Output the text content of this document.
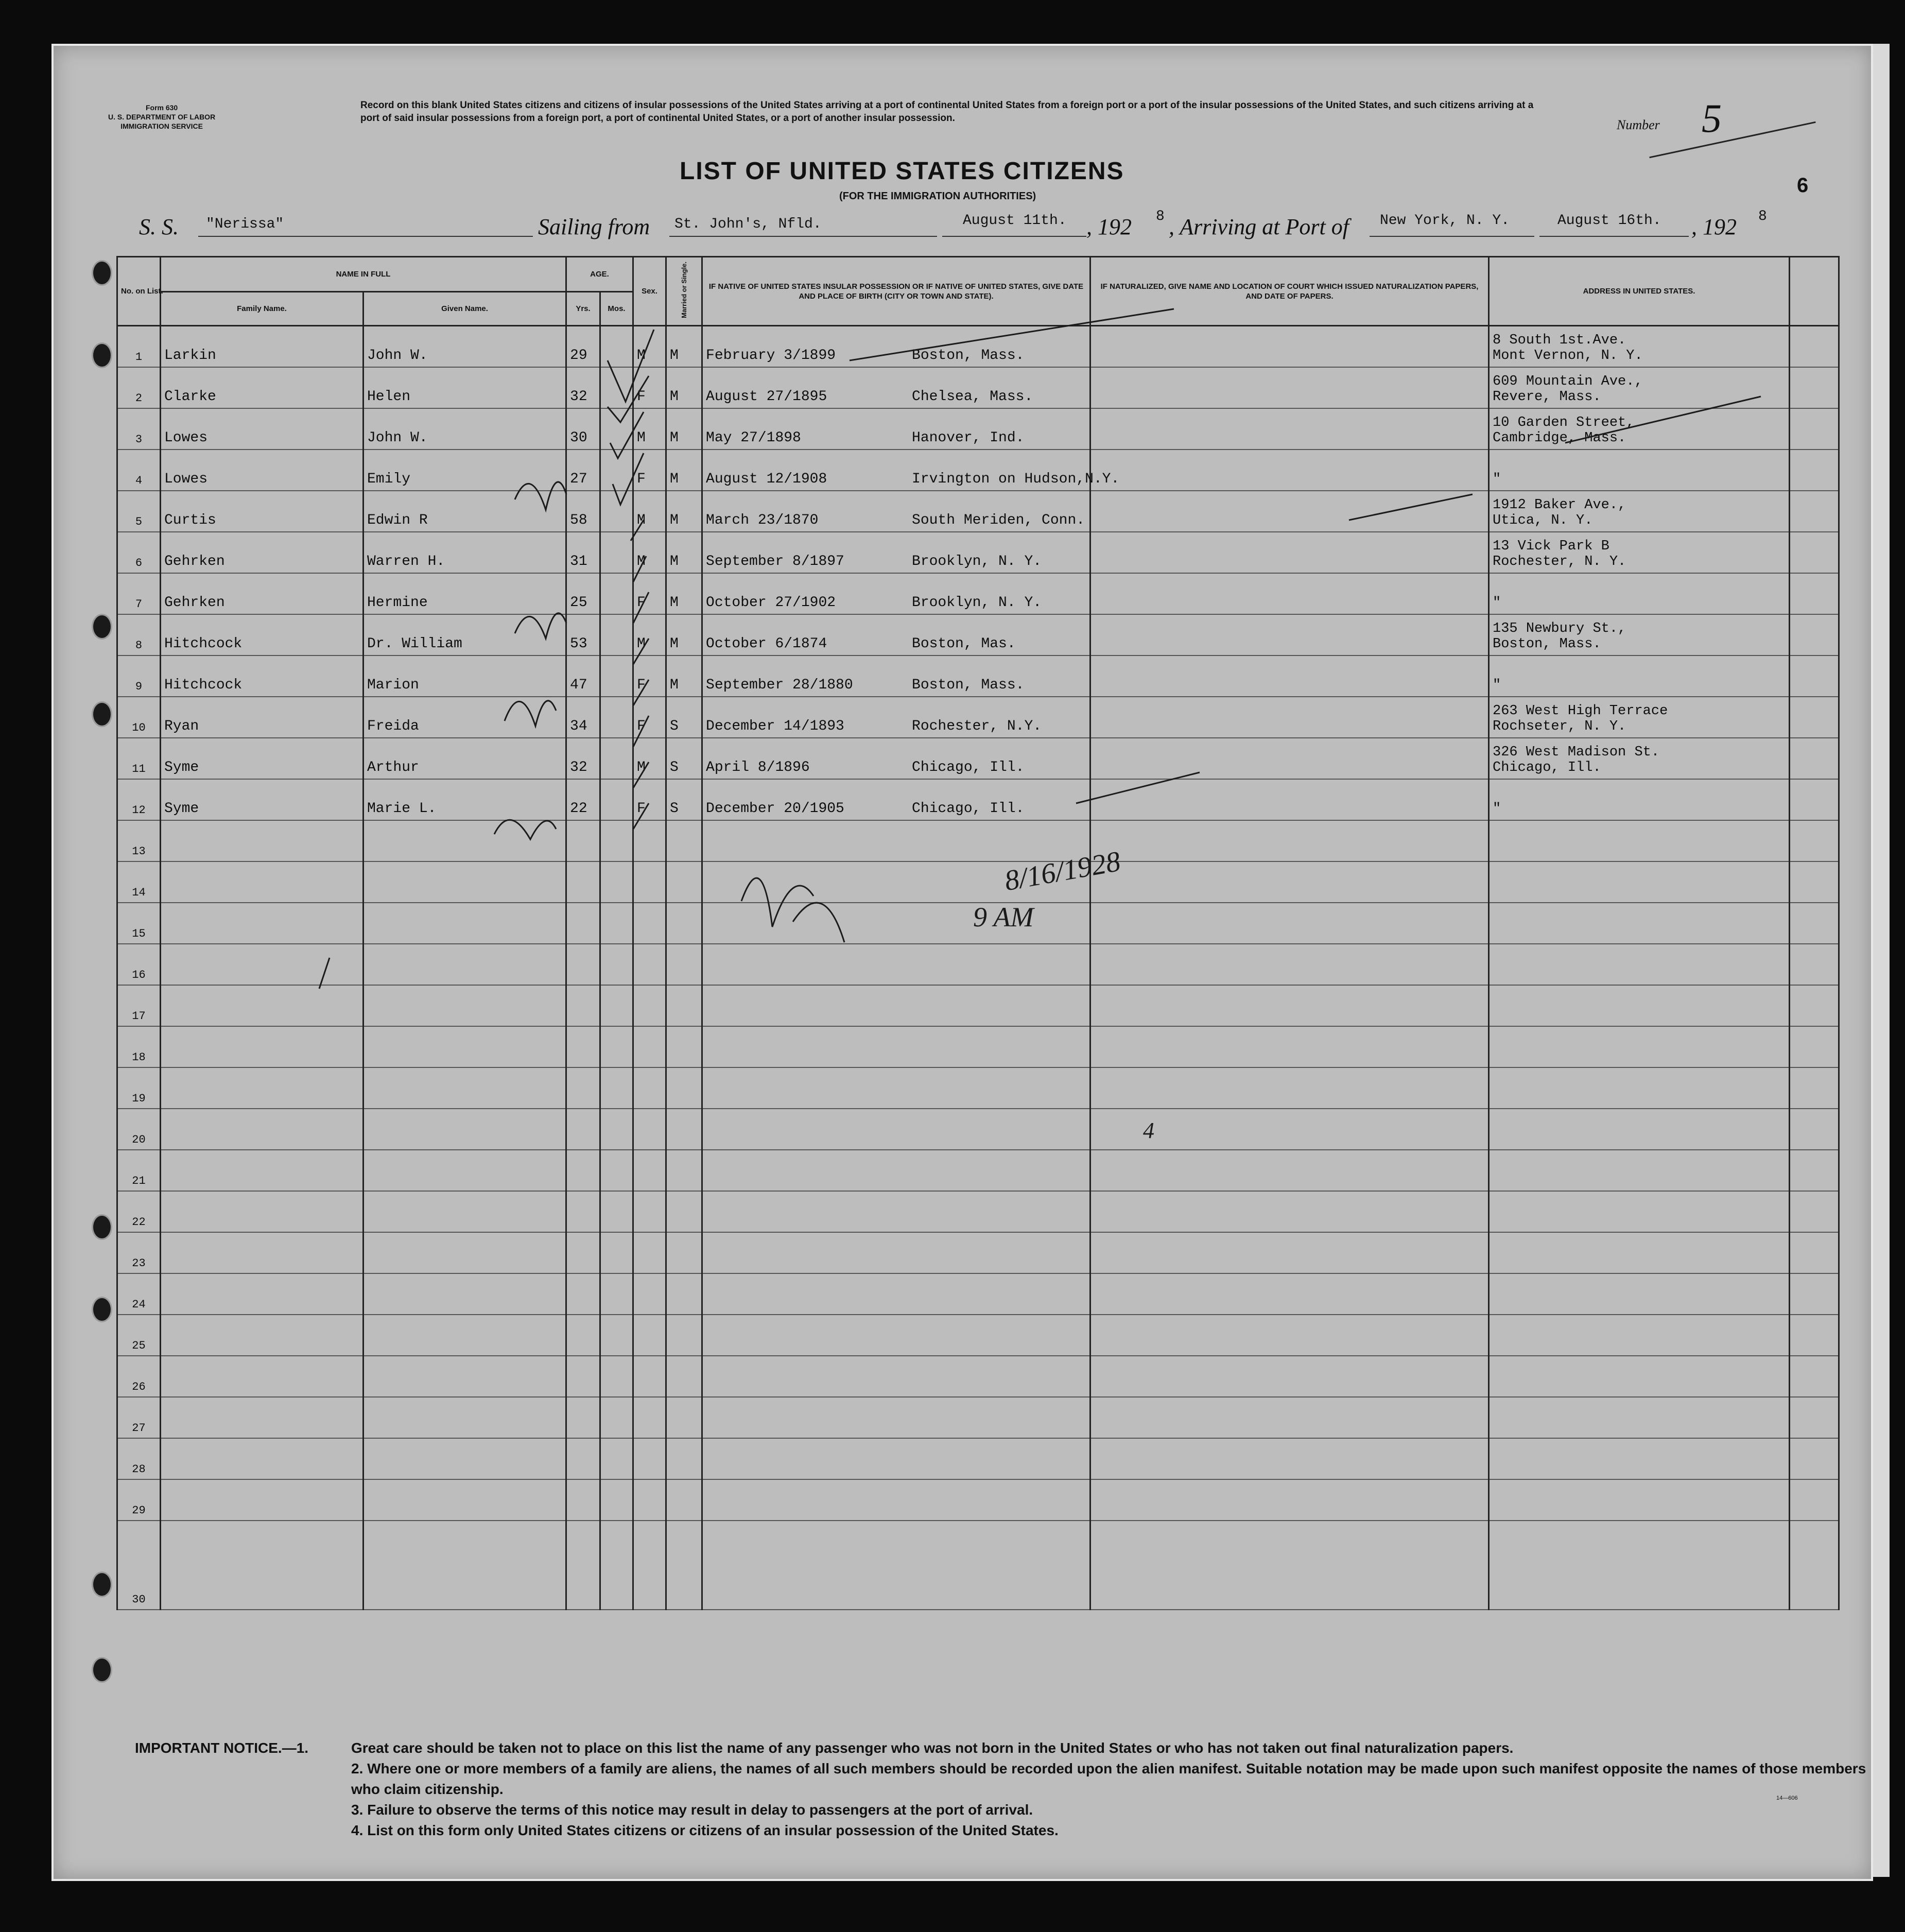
Form 630
U. S. DEPARTMENT OF LABOR
IMMIGRATION SERVICE
Record on this blank United States citizens and citizens of insular possessions of the United States arriving at a port of continental United States from a foreign port or a port of the insular possessions of the United States, and such citizens arriving at a port of said insular possessions from a foreign port, a port of continental United States, or a port of another insular possession.	Number 5
6
LIST OF UNITED STATES CITIZENS
(FOR THE IMMIGRATION AUTHORITIES)
S. S. "Nerissa"	Sailing from St. John's, Nfld.	August 11th. , 192 8 , Arriving at Port of New York, N. Y.	August 16th. , 192 8
No. on List.	NAME IN FULL		AGE.		Sex.	Married or Single.	IF NATIVE OF UNITED STATES INSULAR POSSESSION OR IF NATIVE OF UNITED STATES, GIVE DATE AND PLACE OF BIRTH (CITY OR TOWN AND STATE).	IF NATURALIZED, GIVE NAME AND LOCATION OF COURT WHICH ISSUED NATURALIZATION PAPERS, AND DATE OF PAPERS.	ADDRESS IN UNITED STATES.	
	Family Name.	Given Name.	Yrs.	Mos.						
1	Larkin	John W.	29		M	M	February 3/1899 Boston, Mass.		8 South 1st.Ave.
Mont Vernon, N. Y.	
2	Clarke	Helen	32		F	M	August 27/1895 Chelsea, Mass.		609 Mountain Ave.,
Revere, Mass.	
3	Lowes	John W.	30		M	M	May 27/1898 Hanover, Ind.		10 Garden Street,
Cambridge, Mass.	
4	Lowes	Emily	27		F	M	August 12/1908 Irvington on Hudson,N.Y.		"	
5	Curtis	Edwin R	58		M	M	March 23/1870 South Meriden, Conn.		1912 Baker Ave.,
Utica, N. Y.	
6	Gehrken	Warren H.	31		M	M	September 8/1897 Brooklyn, N. Y.		13 Vick Park B
Rochester, N. Y.	
7	Gehrken	Hermine	25		F	M	October 27/1902 Brooklyn, N. Y.		"	
8	Hitchcock	Dr. William	53		M	M	October 6/1874 Boston, Mas.		135 Newbury St.,
Boston, Mass.	
9	Hitchcock	Marion	47		F	M	September 28/1880 Boston, Mass.		"	
10	Ryan	Freida	34		F	S	December 14/1893 Rochester, N.Y.		263 West High Terrace
Rochseter, N. Y.	
11	Syme	Arthur	32		M	S	April 8/1896 Chicago, Ill.		326 West Madison St.
Chicago, Ill.	
12	Syme	Marie L.	22		F	S	December 20/1905 Chicago, Ill.		"	
13										
14										
15										
16										
17										
18										
19										
20										
21										
22										
23										
24										
25										
26										
27										
28										
29										
30										
8/16/1928
9 AM
4
IMPORTANT NOTICE.—1.	Great care should be taken not to place on this list the name of any passenger who was not born in the United States or who has not taken out final naturalization papers.
2. Where one or more members of a family are aliens, the names of all such members should be recorded upon the alien manifest. Suitable notation may be made upon such manifest opposite the names of those members who claim citizenship.
3. Failure to observe the terms of this notice may result in delay to passengers at the port of arrival.
4. List on this form only United States citizens or citizens of an insular possession of the United States.
14—606
